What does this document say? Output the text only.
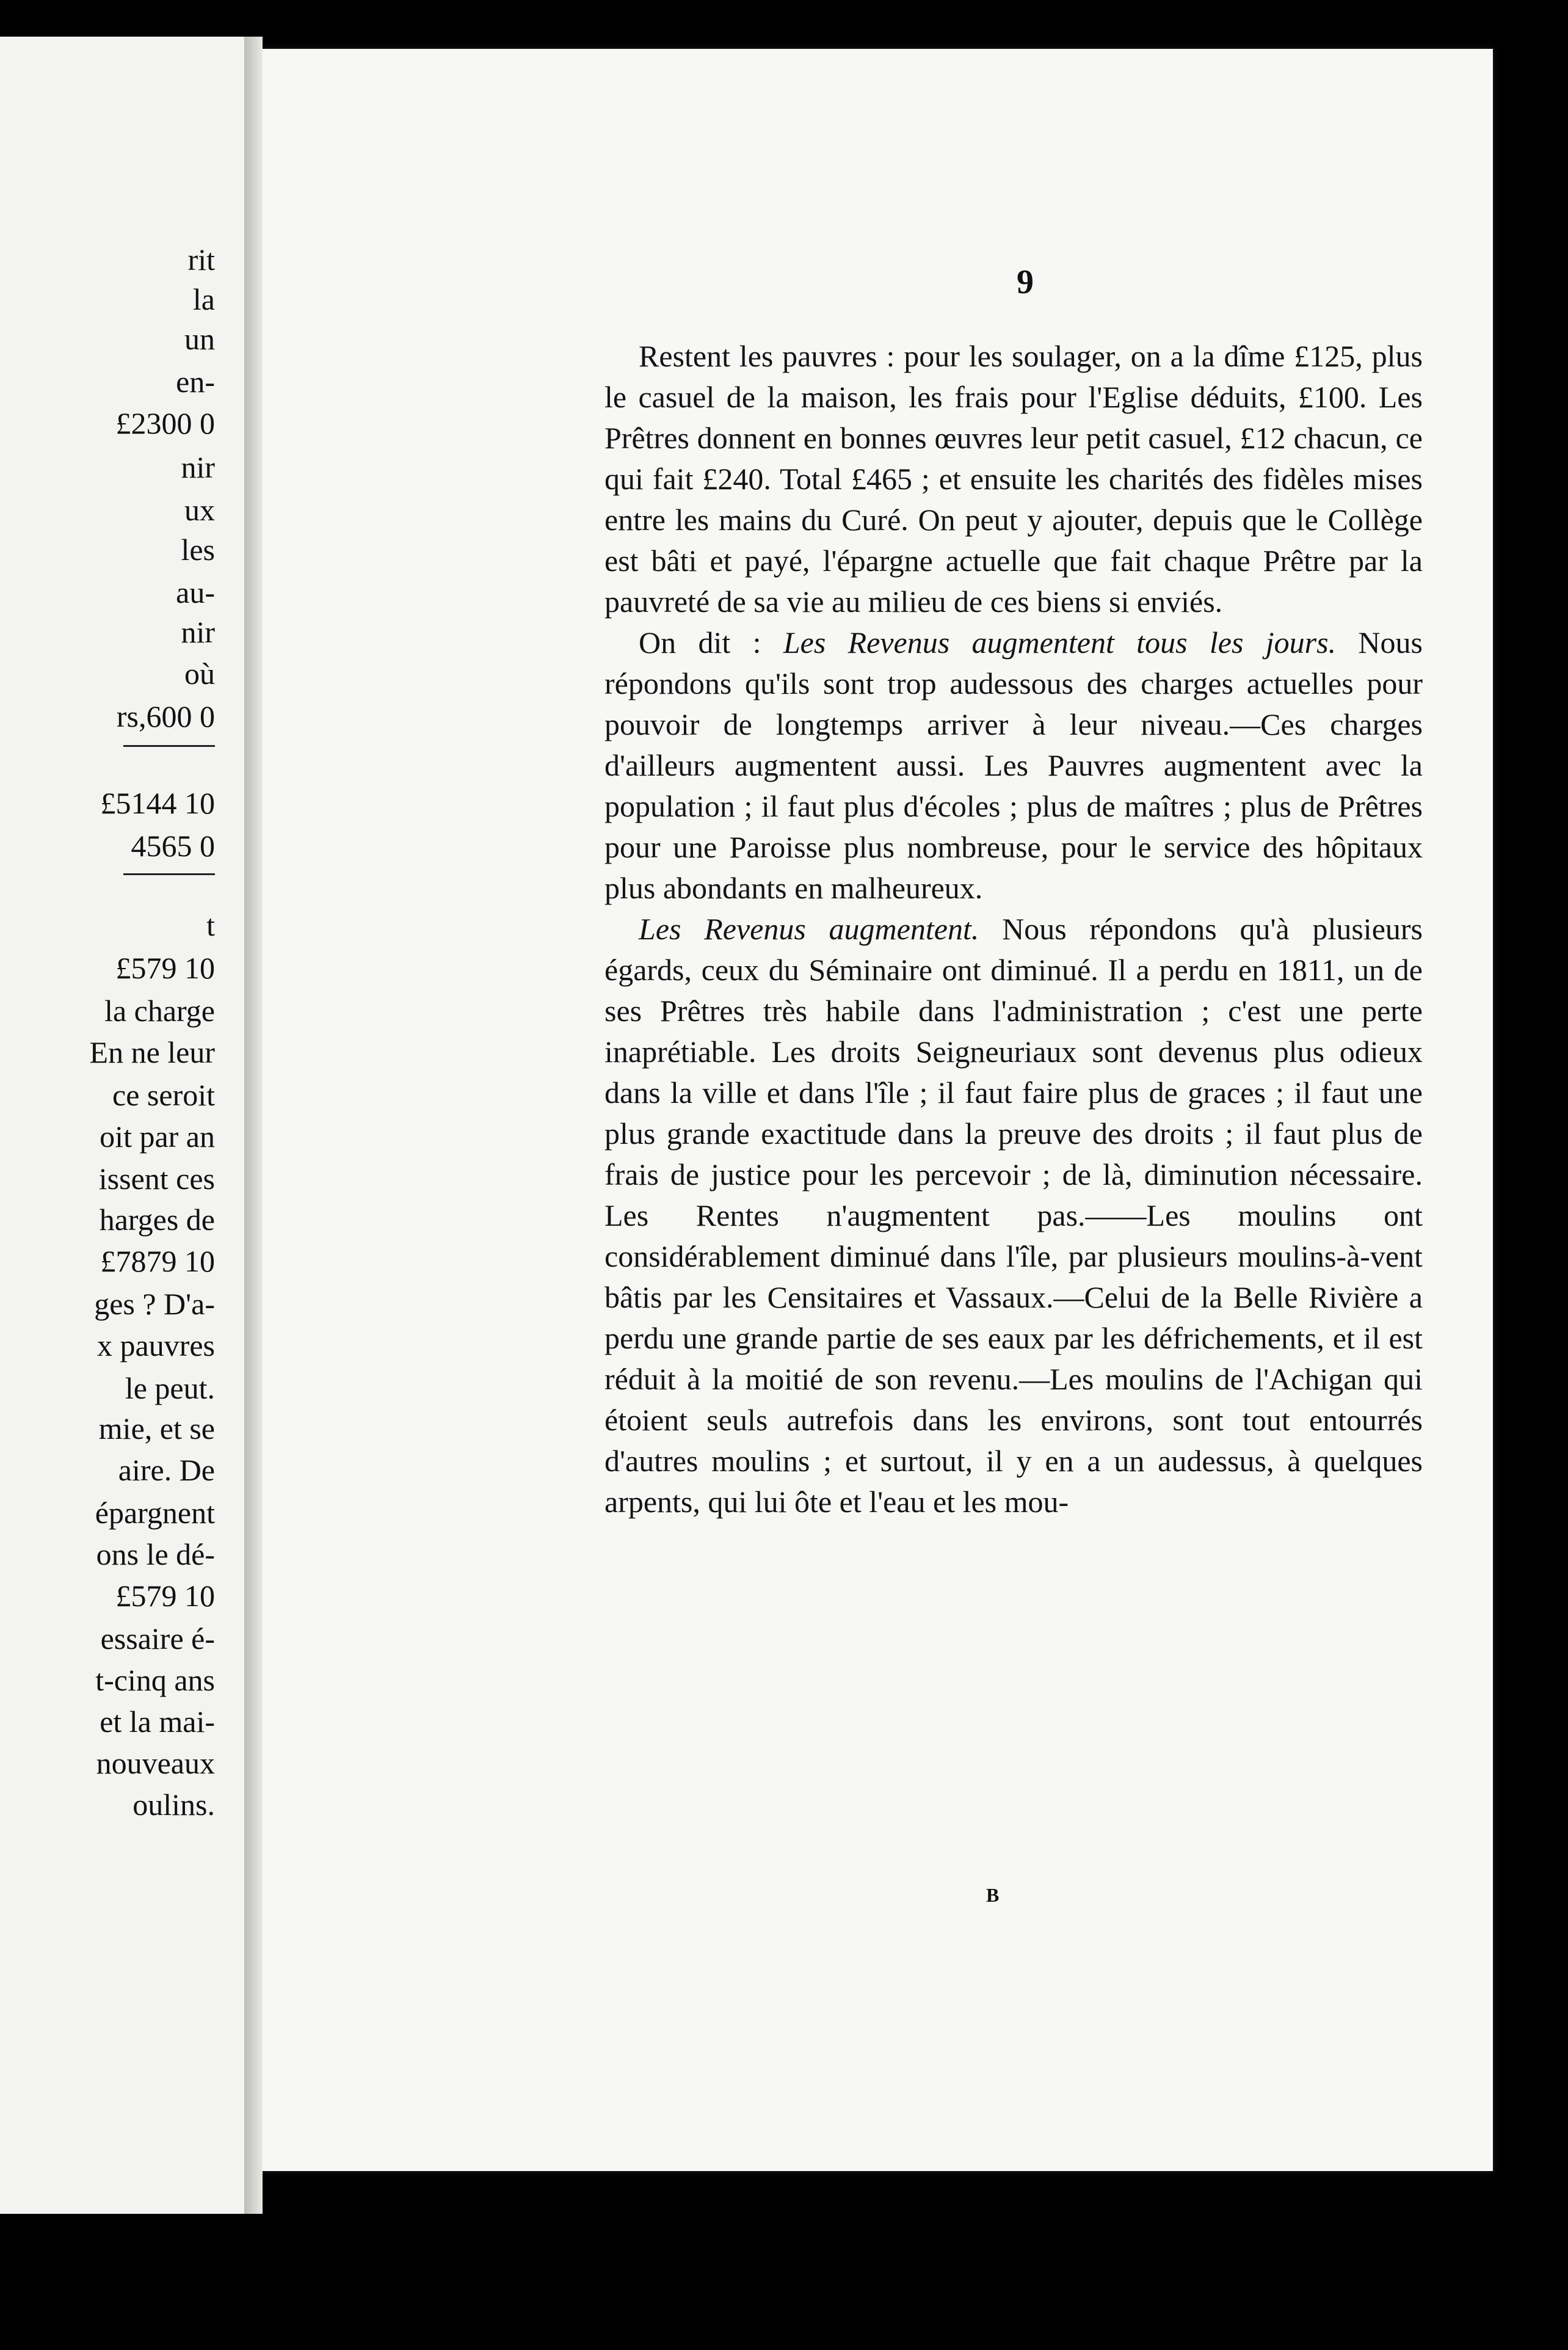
rit
la
un
en-
£2300 0
nir
ux
les
au-
nir
où
rs,600 0
£5144 10
4565 0
t
£579 10
la charge
En ne leur
ce seroit
oit par an
issent ces
harges de
£7879 10
ges ? D'a-
x pauvres
le peut.
mie, et se
aire. De
épargnent
ons le dé-
£579 10
essaire é-
t-cinq ans
et la mai-
nouveaux
oulins.
9

Restent les pauvres : pour les soulager, on a la dîme £125, plus le casuel de la maison, les frais pour l'Eglise déduits, £100. Les Prêtres donnent en bonnes œuvres leur petit casuel, £12 chacun, ce qui fait £240. Total £465 ; et ensuite les charités des fidèles mises entre les mains du Curé. On peut y ajouter, depuis que le Collège est bâti et payé, l'épargne actuelle que fait chaque Prêtre par la pauvreté de sa vie au milieu de ces biens si enviés.

On dit : Les Revenus augmentent tous les jours. Nous répondons qu'ils sont trop audessous des charges actuelles pour pouvoir de longtemps arriver à leur niveau.—Ces charges d'ailleurs augmentent aussi. Les Pauvres augmentent avec la population ; il faut plus d'écoles ; plus de maîtres ; plus de Prêtres pour une Paroisse plus nombreuse, pour le service des hôpitaux plus abondants en malheureux.

Les Revenus augmentent. Nous répondons qu'à plusieurs égards, ceux du Séminaire ont diminué. Il a perdu en 1811, un de ses Prêtres très habile dans l'administration ; c'est une perte inaprétiable. Les droits Seigneuriaux sont devenus plus odieux dans la ville et dans l'île ; il faut faire plus de graces ; il faut une plus grande exactitude dans la preuve des droits ; il faut plus de frais de justice pour les percevoir ; de là, diminution nécessaire. Les Rentes n'augmentent pas.——Les moulins ont considérablement diminué dans l'île, par plusieurs moulins-à-vent bâtis par les Censitaires et Vassaux.—Celui de la Belle Rivière a perdu une grande partie de ses eaux par les défrichements, et il est réduit à la moitié de son revenu.—Les moulins de l'Achigan qui étoient seuls autrefois dans les environs, sont tout entourrés d'autres moulins ; et surtout, il y en a un audessus, à quelques arpents, qui lui ôte et l'eau et les mou-

B
